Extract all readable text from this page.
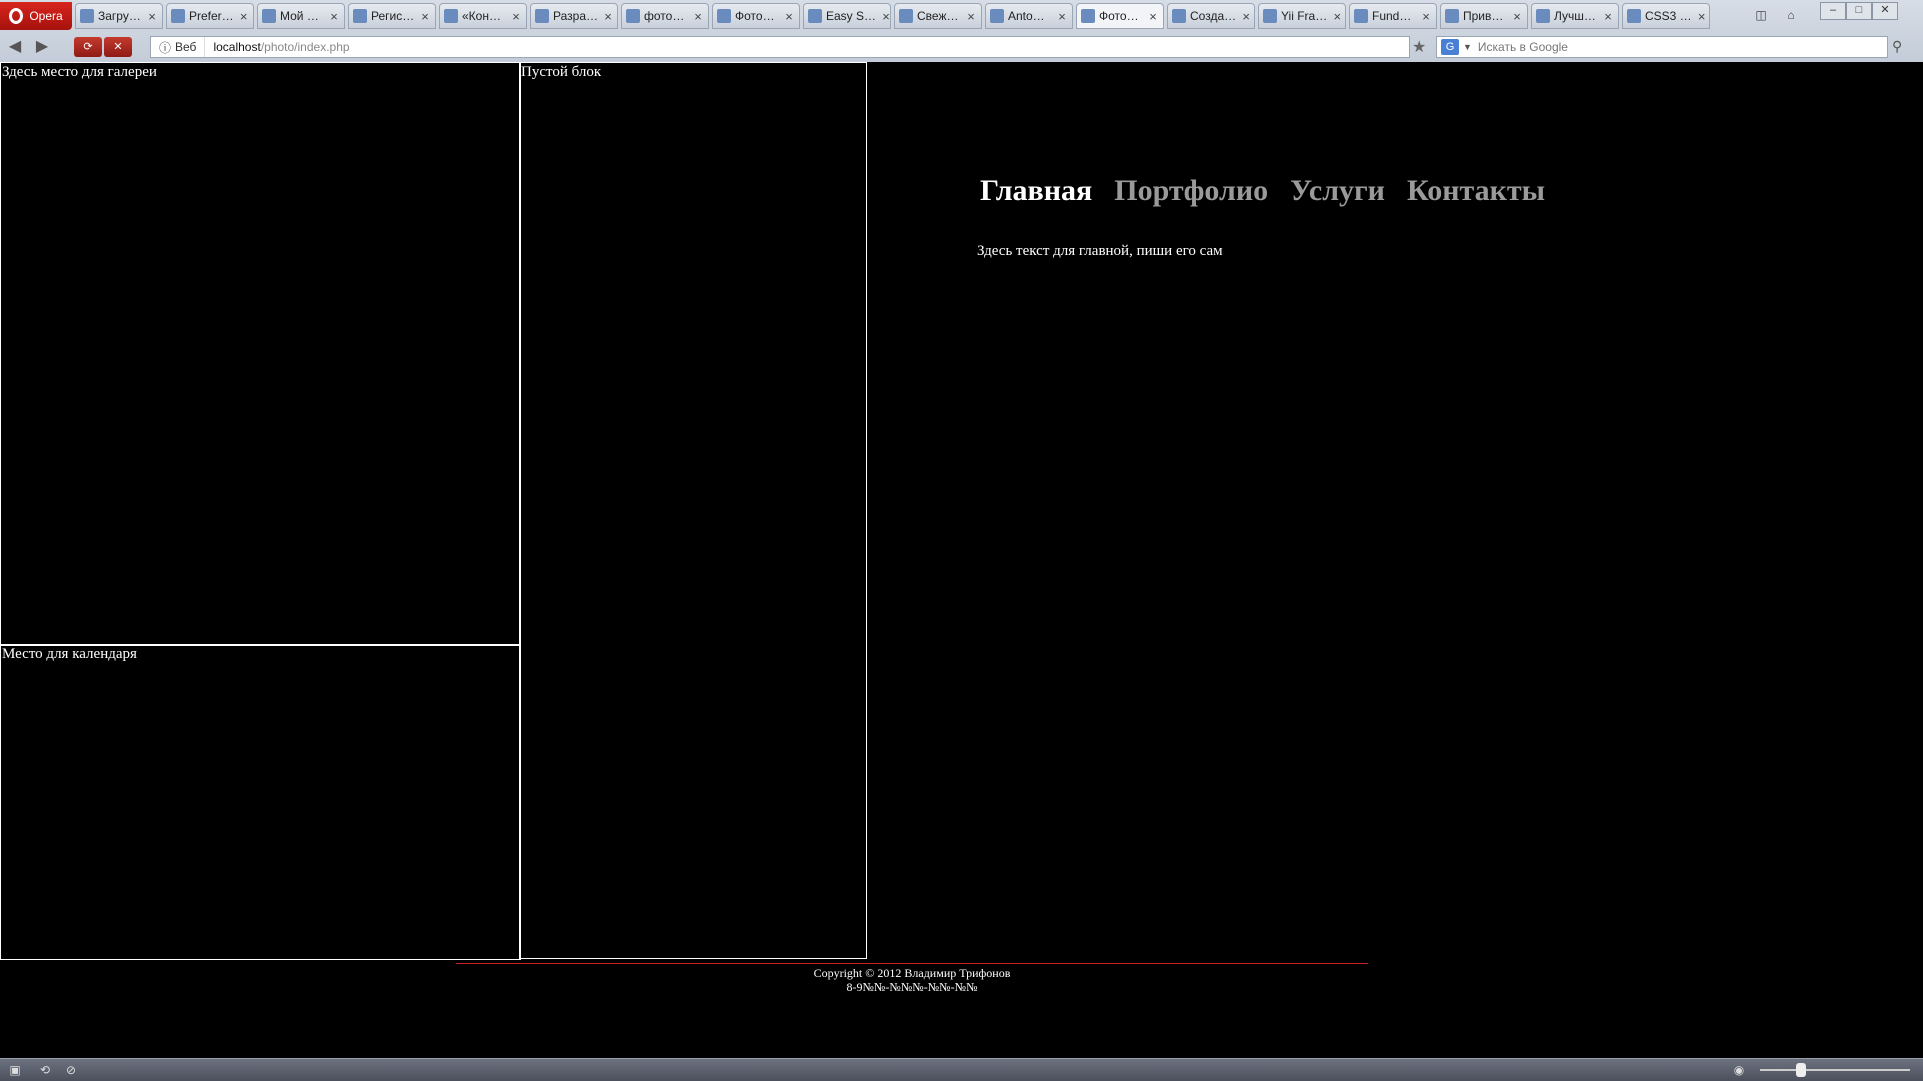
Opera	Загру… ×	Prefer… ×	Мой … ×	Регис… ×	«Кон… ×	Разра… ×	фото… ×	Фото… ×	Easy S… × Свеж… ×	Anto…	×	Фото… ×	Созда… ×	Yii Fra… ×	Fund… ×	Прив… ×	Лучш… ×	CSS3 … ×	◫	⌂	–	□	✕
◀ ▶	⟳	✕	ⓘ Веб	localhost/photo/index.php	★	G ▼ Искать в Google	⚲
Здесь место для галереи
Место для календаря
Пустой блок
Главная Портфолио Услуги Контакты
Здесь текст для главной, пиши его сам
Copyright © 2012 Владимир Трифонов
8-9№№-№№№-№№-№№
▣	⟲	⊘	◉
